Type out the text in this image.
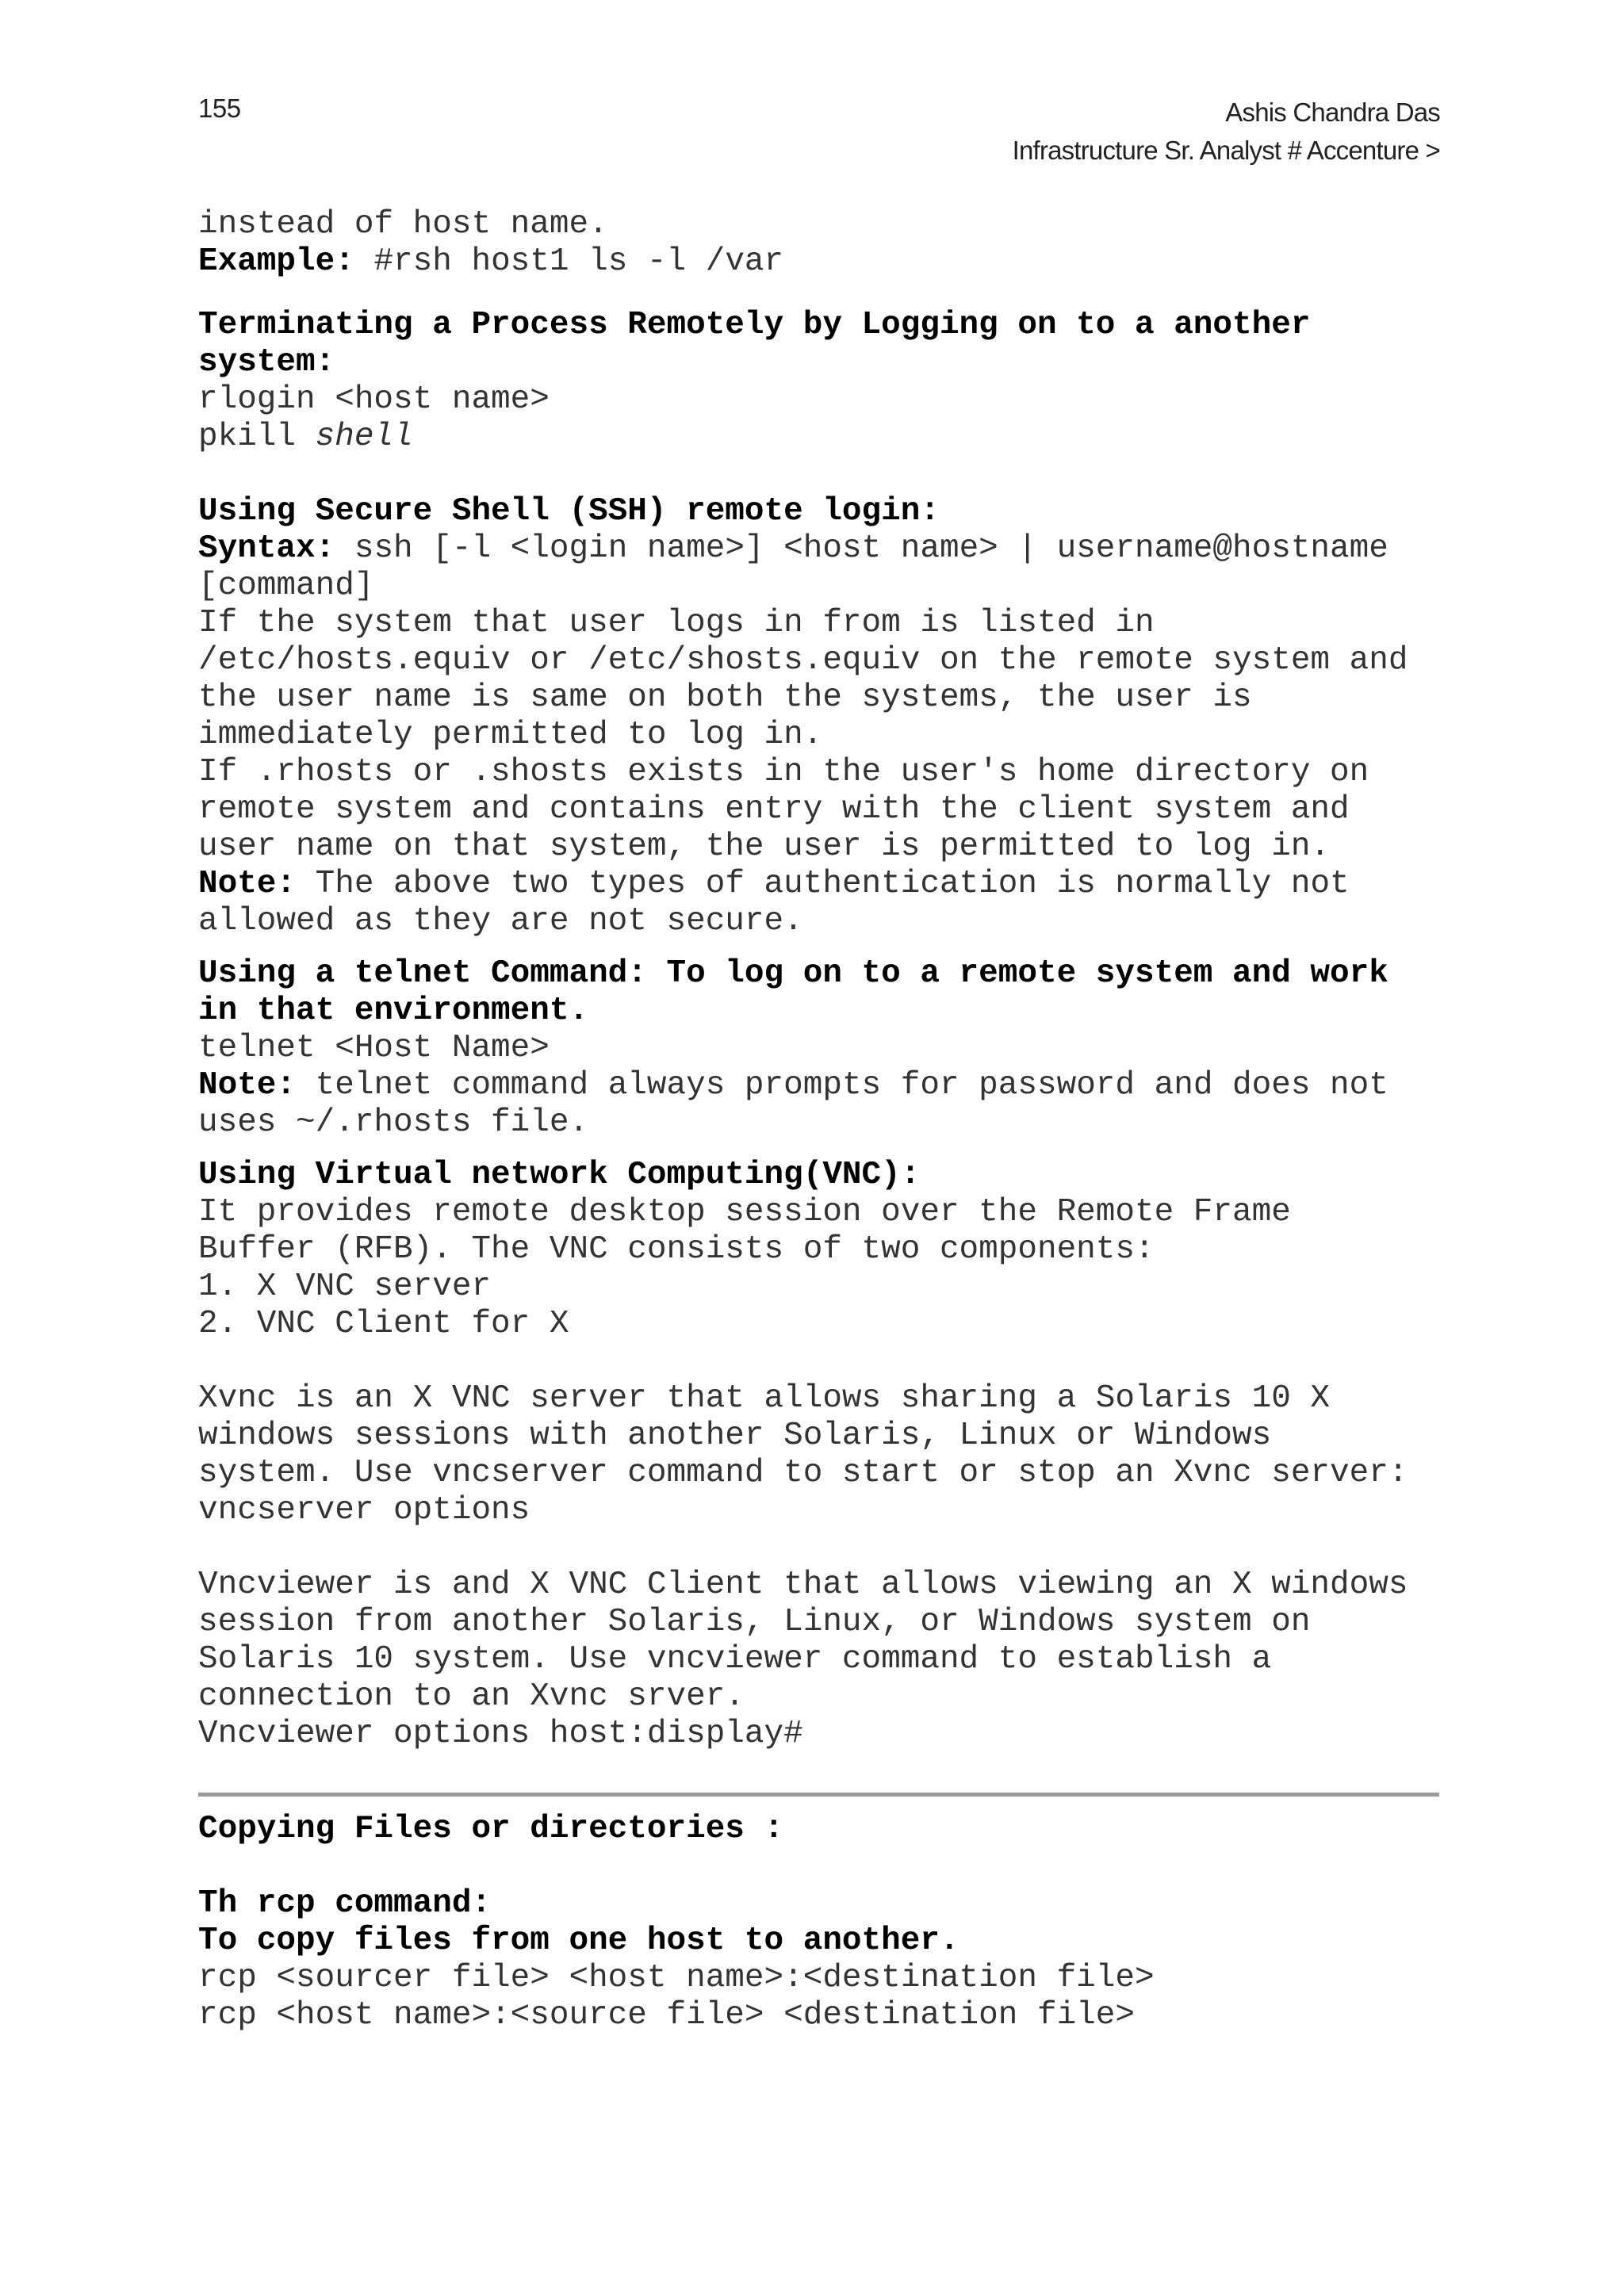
155	Ashis Chandra Das
Infrastructure Sr. Analyst # Accenture >
instead of host name.
Example: #rsh host1 ls -l /var
Terminating a Process Remotely by Logging on to a another
system:
rlogin <host name>
pkill shell
Using Secure Shell (SSH) remote login:
Syntax: ssh [-l <login name>] <host name> | username@hostname
[command]
If the system that user logs in from is listed in
/etc/hosts.equiv or /etc/shosts.equiv on the remote system and
the user name is same on both the systems, the user is
immediately permitted to log in.
If .rhosts or .shosts exists in the user's home directory on
remote system and contains entry with the client system and
user name on that system, the user is permitted to log in.
Note: The above two types of authentication is normally not
allowed as they are not secure.
Using a telnet Command: To log on to a remote system and work
in that environment.
telnet <Host Name>
Note: telnet command always prompts for password and does not
uses ~/.rhosts file.
Using Virtual network Computing(VNC):
It provides remote desktop session over the Remote Frame
Buffer (RFB). The VNC consists of two components:
1. X VNC server
2. VNC Client for X
Xvnc is an X VNC server that allows sharing a Solaris 10 X
windows sessions with another Solaris, Linux or Windows
system. Use vncserver command to start or stop an Xvnc server:
vncserver options
Vncviewer is and X VNC Client that allows viewing an X windows
session from another Solaris, Linux, or Windows system on
Solaris 10 system. Use vncviewer command to establish a
connection to an Xvnc srver.
Vncviewer options host:display#
Copying Files or directories :
Th rcp command:
To copy files from one host to another.
rcp <sourcer file> <host name>:<destination file>
rcp <host name>:<source file> <destination file>
